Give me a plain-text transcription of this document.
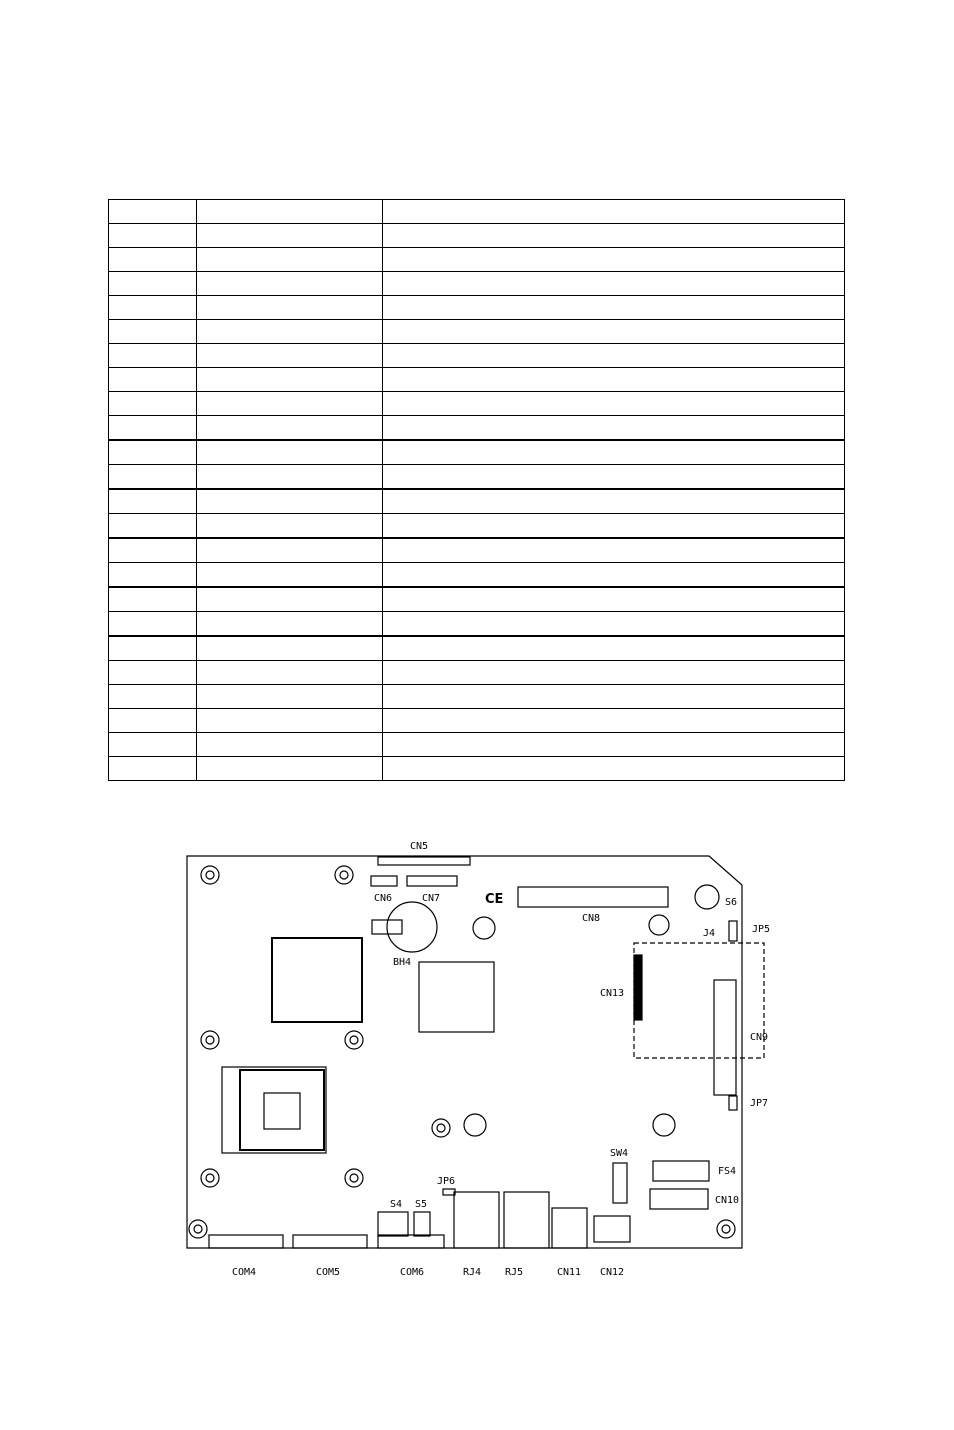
CE
CN5
CN6	CN7
CN8
S6
BH4
J4	JP5
CN13
CN9
JP7
SW4
FS4
CN10
JP6
S4 S5
COM4	COM5	COM6	RJ4 RJ5	CN11 CN12
